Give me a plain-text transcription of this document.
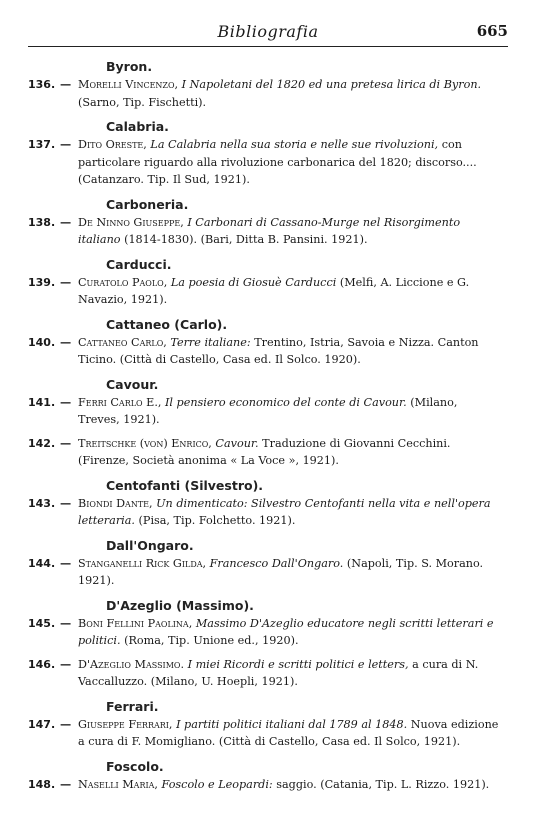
Bibliografia	665
Byron.
136. — Morelli Vincenzo, I Napoletani del 1820 ed una pretesa lirica di Byron. (Sarno, Tip. Fischetti).
Calabria.
137. — Dito Oreste, La Calabria nella sua storia e nelle sue rivoluzioni, con particolare riguardo alla rivoluzione carbonarica del 1820; discorso.... (Catanzaro. Tip. Il Sud, 1921).
Carboneria.
138. — De Ninno Giuseppe, I Carbonari di Cassano-Murge nel Risorgimento italiano (1814-1830). (Bari, Ditta B. Pansini. 1921).
Carducci.
139. — Curatolo Paolo, La poesia di Giosuè Carducci (Melfi, A. Liccione e G. Navazio, 1921).
Cattaneo (Carlo).
140. — Cattaneo Carlo, Terre italiane: Trentino, Istria, Savoia e Nizza. Canton Ticino. (Città di Castello, Casa ed. Il Solco. 1920).
Cavour.
141. — Ferri Carlo E., Il pensiero economico del conte di Cavour. (Milano, Treves, 1921).
142. — Treitschke (von) Enrico, Cavour. Traduzione di Giovanni Cecchini. (Firenze, Società anonima « La Voce », 1921).
Centofanti (Silvestro).
143. — Biondi Dante, Un dimenticato: Silvestro Centofanti nella vita e nell'opera letteraria. (Pisa, Tip. Folchetto. 1921).
Dall'Ongaro.
144. — Stanganelli Rick Gilda, Francesco Dall'Ongaro. (Napoli, Tip. S. Morano. 1921).
D'Azeglio (Massimo).
145. — Boni Fellini Paolina, Massimo D'Azeglio educatore negli scritti letterari e politici. (Roma, Tip. Unione ed., 1920).
146. — D'Azeglio Massimo. I miei Ricordi e scritti politici e letters, a cura di N. Vaccalluzzo. (Milano, U. Hoepli, 1921).
Ferrari.
147. — Giuseppe Ferrari, I partiti politici italiani dal 1789 al 1848. Nuova edizione a cura di F. Momigliano. (Città di Castello, Casa ed. Il Solco, 1921).
Foscolo.
148. — Naselli Maria, Foscolo e Leopardi: saggio. (Catania, Tip. L. Rizzo. 1921).
